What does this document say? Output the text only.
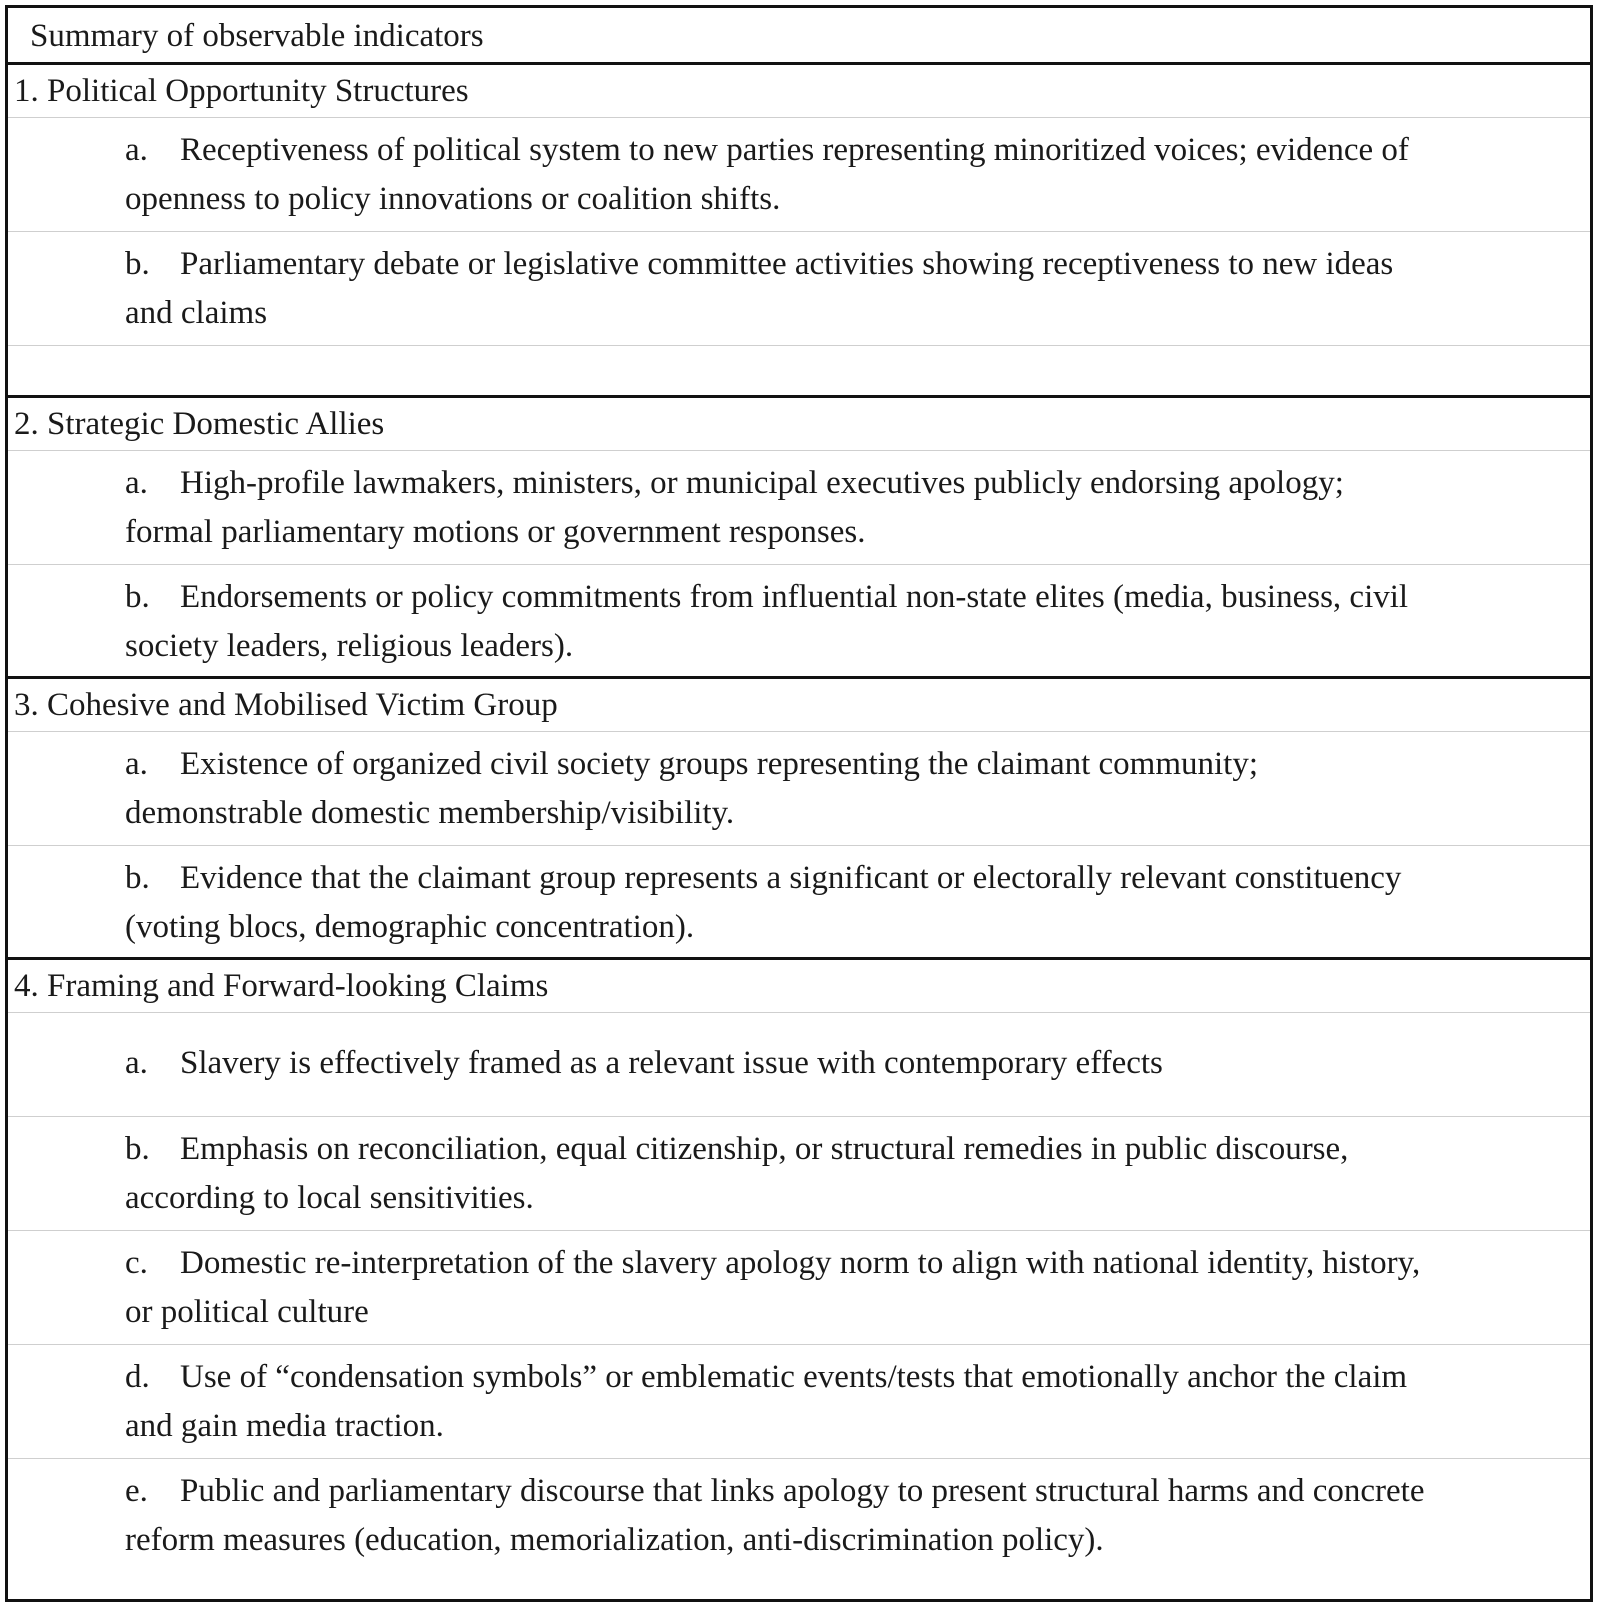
Summary of observable indicators
1. Political Opportunity Structures
a. Receptiveness of political system to new parties representing minoritized voices; evidence of
openness to policy innovations or coalition shifts.
b. Parliamentary debate or legislative committee activities showing receptiveness to new ideas
and claims
2. Strategic Domestic Allies
a. High-profile lawmakers, ministers, or municipal executives publicly endorsing apology;
formal parliamentary motions or government responses.
b. Endorsements or policy commitments from influential non-state elites (media, business, civil
society leaders, religious leaders).
3. Cohesive and Mobilised Victim Group
a. Existence of organized civil society groups representing the claimant community;
demonstrable domestic membership/visibility.
b. Evidence that the claimant group represents a significant or electorally relevant constituency
(voting blocs, demographic concentration).
4. Framing and Forward-looking Claims
a. Slavery is effectively framed as a relevant issue with contemporary effects
b. Emphasis on reconciliation, equal citizenship, or structural remedies in public discourse,
according to local sensitivities.
c. Domestic re-interpretation of the slavery apology norm to align with national identity, history,
or political culture
d. Use of “condensation symbols” or emblematic events/tests that emotionally anchor the claim
and gain media traction.
e. Public and parliamentary discourse that links apology to present structural harms and concrete
reform measures (education, memorialization, anti-discrimination policy).
